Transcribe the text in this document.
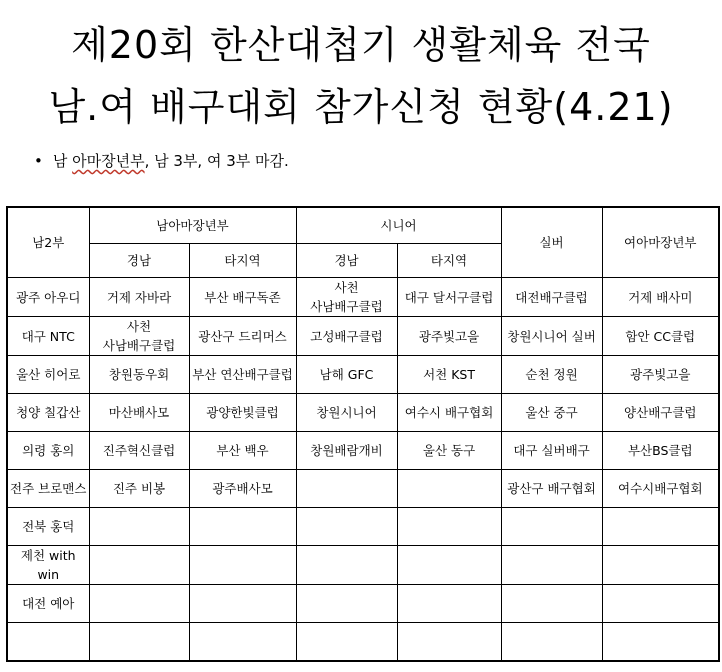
제20회 한산대첩기 생활체육 전국
남.여 배구대회 참가신청 현황(4.21)
• 남 아마장년부, 남 3부, 여 3부 마감.
남2부	남아마장년부		시니어		실버	여아마장년부
	경남	타지역	경남	타지역		
광주 아우디	거제 자바라	부산 배구독존	사천 사남배구클럽	대구 달서구클럽	대전배구클럽	거제 배사미
대구 NTC	사천 사남배구클럽	광산구 드리머스	고성배구클럽	광주빛고을	창원시니어 실버	함안 CC클럽
울산 히어로	창원동우회	부산 연산배구클럽	남해 GFC	서천 KST	순천 정원	광주빛고을
청양 칠갑산	마산배사모	광양한빛클럽	창원시니어	여수시 배구협회	울산 중구	양산배구클럽
의령 홍의	진주혁신클럽	부산 백우	창원배람개비	울산 동구	대구 실버배구	부산BS클럽
전주 브로맨스	진주 비봉	광주배사모			광산구 배구협회	여수시배구협회
전북 홍덕						
제천 with win						
대전 예아						
